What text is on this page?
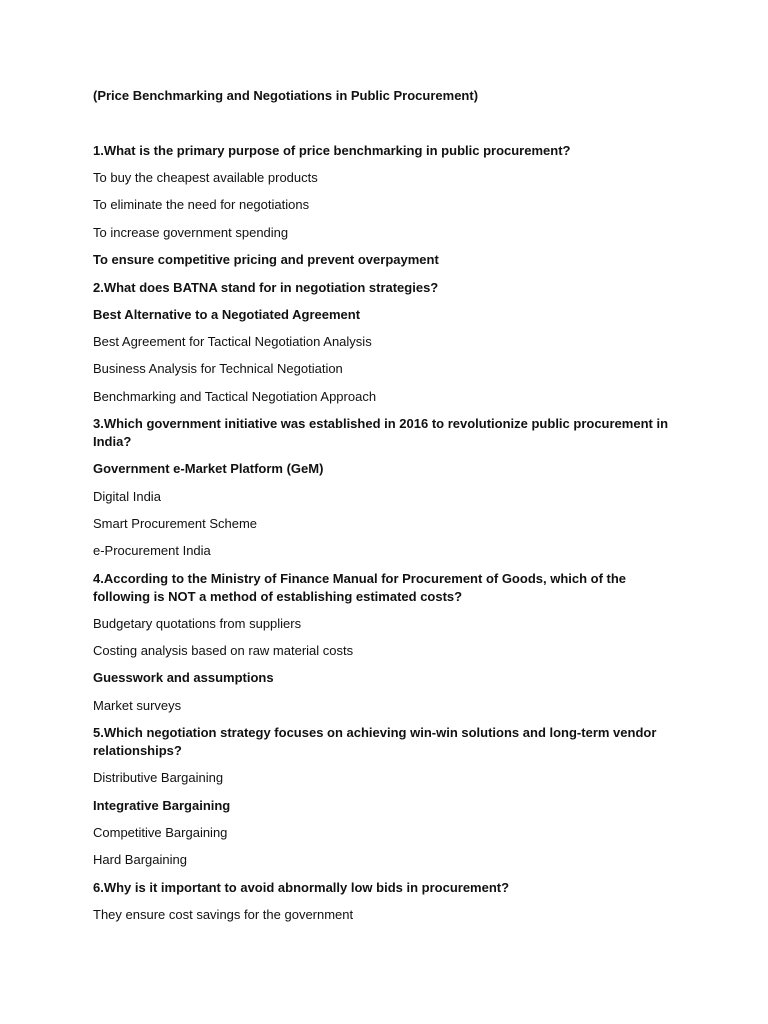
(Price Benchmarking and Negotiations in Public Procurement)
1.What is the primary purpose of price benchmarking in public procurement?
To buy the cheapest available products
To eliminate the need for negotiations
To increase government spending
To ensure competitive pricing and prevent overpayment
2.What does BATNA stand for in negotiation strategies?
Best Alternative to a Negotiated Agreement
Best Agreement for Tactical Negotiation Analysis
Business Analysis for Technical Negotiation
Benchmarking and Tactical Negotiation Approach
3.Which government initiative was established in 2016 to revolutionize public procurement in India?
Government e-Market Platform (GeM)
Digital India
Smart Procurement Scheme
e-Procurement India
4.According to the Ministry of Finance Manual for Procurement of Goods, which of the following is NOT a method of establishing estimated costs?
Budgetary quotations from suppliers
Costing analysis based on raw material costs
Guesswork and assumptions
Market surveys
5.Which negotiation strategy focuses on achieving win-win solutions and long-term vendor relationships?
Distributive Bargaining
Integrative Bargaining
Competitive Bargaining
Hard Bargaining
6.Why is it important to avoid abnormally low bids in procurement?
They ensure cost savings for the government
